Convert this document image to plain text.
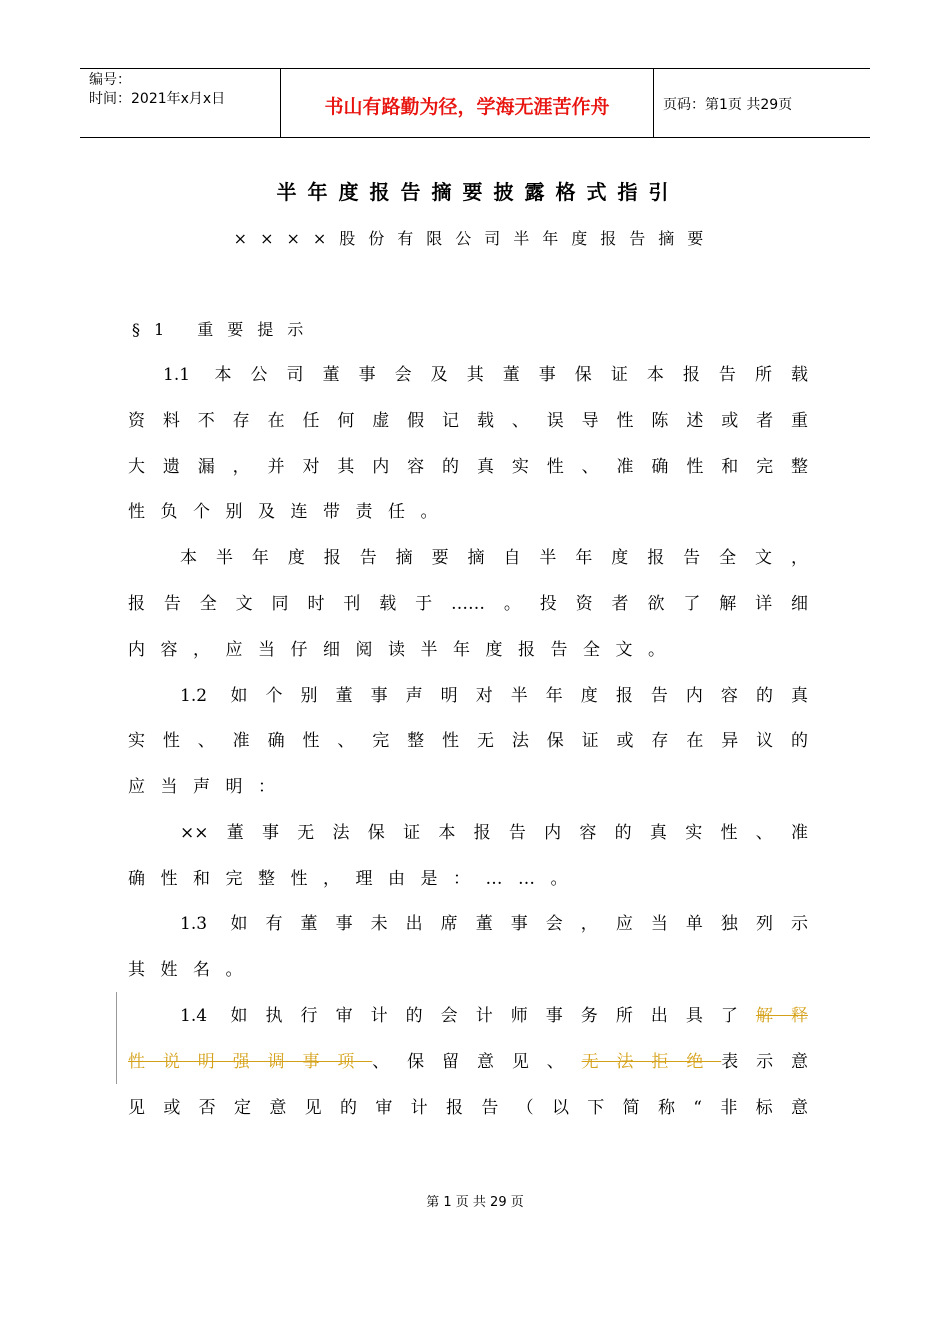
编号：
时间：2021年x月x日	书山有路勤为径，学海无涯苦作舟	页码：第1页 共29页
半年度报告摘要披露格式指引
××××股份有限公司半年度报告摘要
§1 重要提示
1.1 本公司董事会及其董事保证本报告所载
资料不存在任何虚假记载、误导性陈述或者重
大遗漏，并对其内容的真实性、准确性和完整
性负个别及连带责任。
本半年度报告摘要摘自半年度报告全文，
报告全文同时刊载于……。投资者欲了解详细
内容，应当仔细阅读半年度报告全文。
1.2 如个别董事声明对半年度报告内容的真
实性、准确性、完整性无法保证或存在异议的
应当声明：
××董事无法保证本报告内容的真实性、准
确性和完整性，理由是：……。
1.3 如有董事未出席董事会，应当单独列示
其姓名。
1.4 如执行审计的会计师事务所出具了解释
性说明强调事项、保留意见、无法拒绝表示意
见或否定意见的审计报告（以下简称“非标意
第 1 页 共 29 页
